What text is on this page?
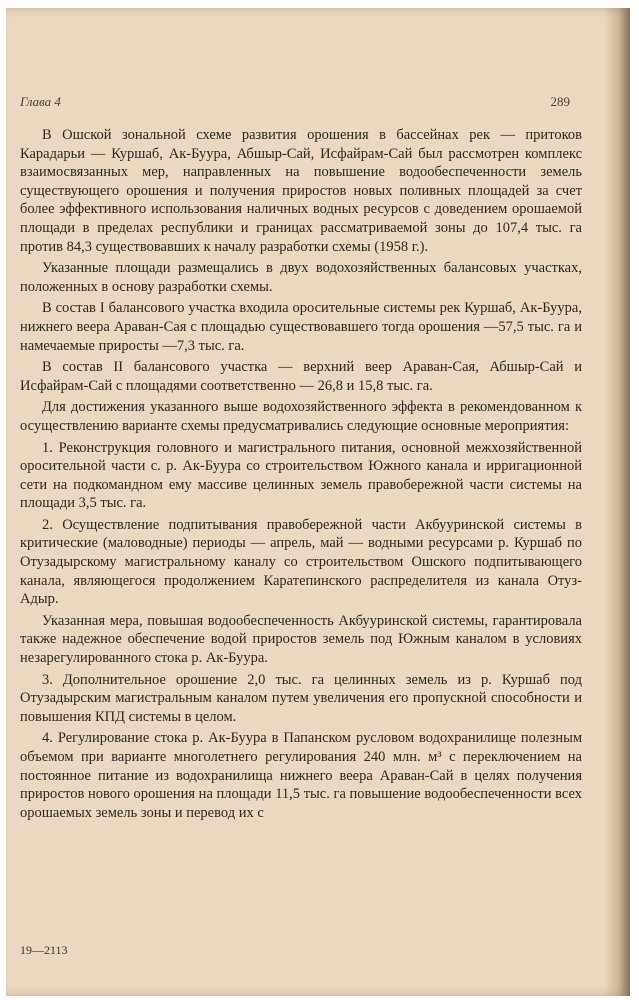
Глава 4	289

В Ошской зональной схеме развития орошения в бассейнах рек — притоков Карадарьи — Куршаб, Ак-Буура, Абшыр-Сай, Исфайрам-Сай был рассмотрен комплекс взаимосвязанных мер, направленных на повышение водообеспеченности земель существующего орошения и получения приростов новых поливных площадей за счет более эффективного использования наличных водных ресурсов с доведением орошаемой площади в пределах республики и границах рассматриваемой зоны до 107,4 тыс. га против 84,3 существовавших к началу разработки схемы (1958 г.).

Указанные площади размещались в двух водохозяйственных балансовых участках, положенных в основу разработки схемы.

В состав I балансового участка входила оросительные системы рек Куршаб, Ак-Буура, нижнего веера Араван-Сая с площадью существовавшего тогда орошения —57,5 тыс. га и намечаемые приросты —7,3 тыс. га.

В состав II балансового участка — верхний веер Араван-Сая, Абшыр-Сай и Исфайрам-Сай с площадями соответственно — 26,8 и 15,8 тыс. га.

Для достижения указанного выше водохозяйственного эффекта в рекомендованном к осуществлению варианте схемы предусматривались следующие основные мероприятия:

1. Реконструкция головного и магистрального питания, основной межхозяйственной оросительной части с. р. Ак-Буура со строительством Южного канала и ирригационной сети на подкомандном ему массиве целинных земель правобережной части системы на площади 3,5 тыс. га.

2. Осуществление подпитывания правобережной части Акбууринской системы в критические (маловодные) периоды — апрель, май — водными ресурсами р. Куршаб по Отузадырскому магистральному каналу со строительством Ошского подпитывающего канала, являющегося продолжением Каратепинского распределителя из канала Отуз-Адыр.

Указанная мера, повышая водообеспеченность Акбууринской системы, гарантировала также надежное обеспечение водой приростов земель под Южным каналом в условиях незарегулированного стока р. Ак-Буура.

3. Дополнительное орошение 2,0 тыс. га целинных земель из р. Куршаб под Отузадырским магистральным каналом путем увеличения его пропускной способности и повышения КПД системы в целом.

4. Регулирование стока р. Ак-Буура в Папанском русловом водохранилище полезным объемом при варианте многолетнего регулирования 240 млн. м³ с переключением на постоянное питание из водохранилища нижнего веера Араван-Сай в целях получения приростов нового орошения на площади 11,5 тыс. га повышение водообеспеченности всех орошаемых земель зоны и перевод их с

19—2113
